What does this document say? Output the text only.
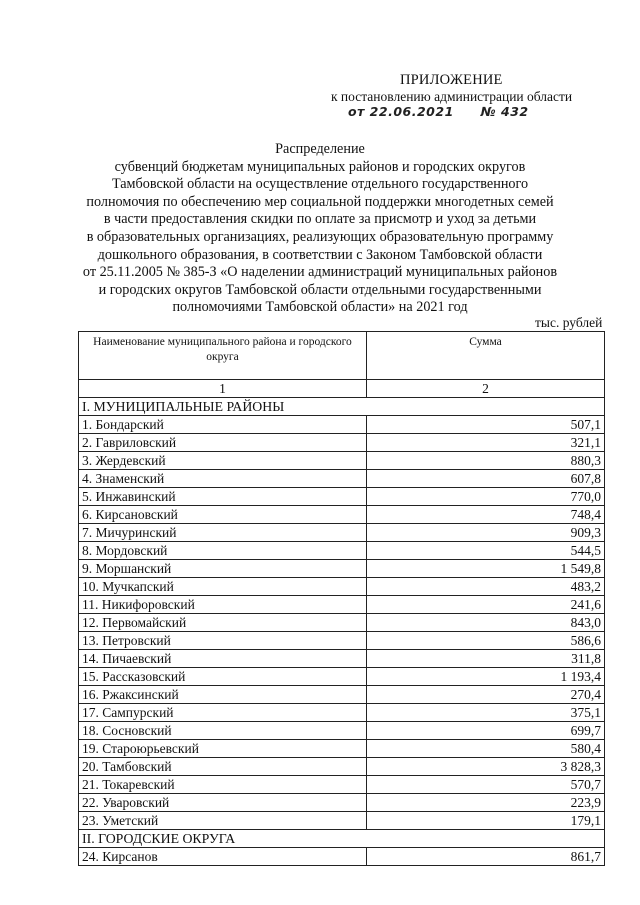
ПРИЛОЖЕНИЕ
к постановлению администрации области
от 22.06.2021 № 432
Распределение
субвенций бюджетам муниципальных районов и городских округов
Тамбовской области на осуществление отдельного государственного
полномочия по обеспечению мер социальной поддержки многодетных семей
в части предоставления скидки по оплате за присмотр и уход за детьми
в образовательных организациях, реализующих образовательную программу
дошкольного образования, в соответствии с Законом Тамбовской области
от 25.11.2005 № 385-З «О наделении администраций муниципальных районов
и городских округов Тамбовской области отдельными государственными
полномочиями Тамбовской области» на 2021 год
тыс. рублей
Наименование муниципального района и городского округа	Сумма
1	2
I. МУНИЦИПАЛЬНЫЕ РАЙОНЫ	
1. Бондарский	507,1
2. Гавриловский	321,1
3. Жердевский	880,3
4. Знаменский	607,8
5. Инжавинский	770,0
6. Кирсановский	748,4
7. Мичуринский	909,3
8. Мордовский	544,5
9. Моршанский	1 549,8
10. Мучкапский	483,2
11. Никифоровский	241,6
12. Первомайский	843,0
13. Петровский	586,6
14. Пичаевский	311,8
15. Рассказовский	1 193,4
16. Ржаксинский	270,4
17. Сампурский	375,1
18. Сосновский	699,7
19. Староюрьевский	580,4
20. Тамбовский	3 828,3
21. Токаревский	570,7
22. Уваровский	223,9
23. Уметский	179,1
II. ГОРОДСКИЕ ОКРУГА	
24. Кирсанов	861,7
